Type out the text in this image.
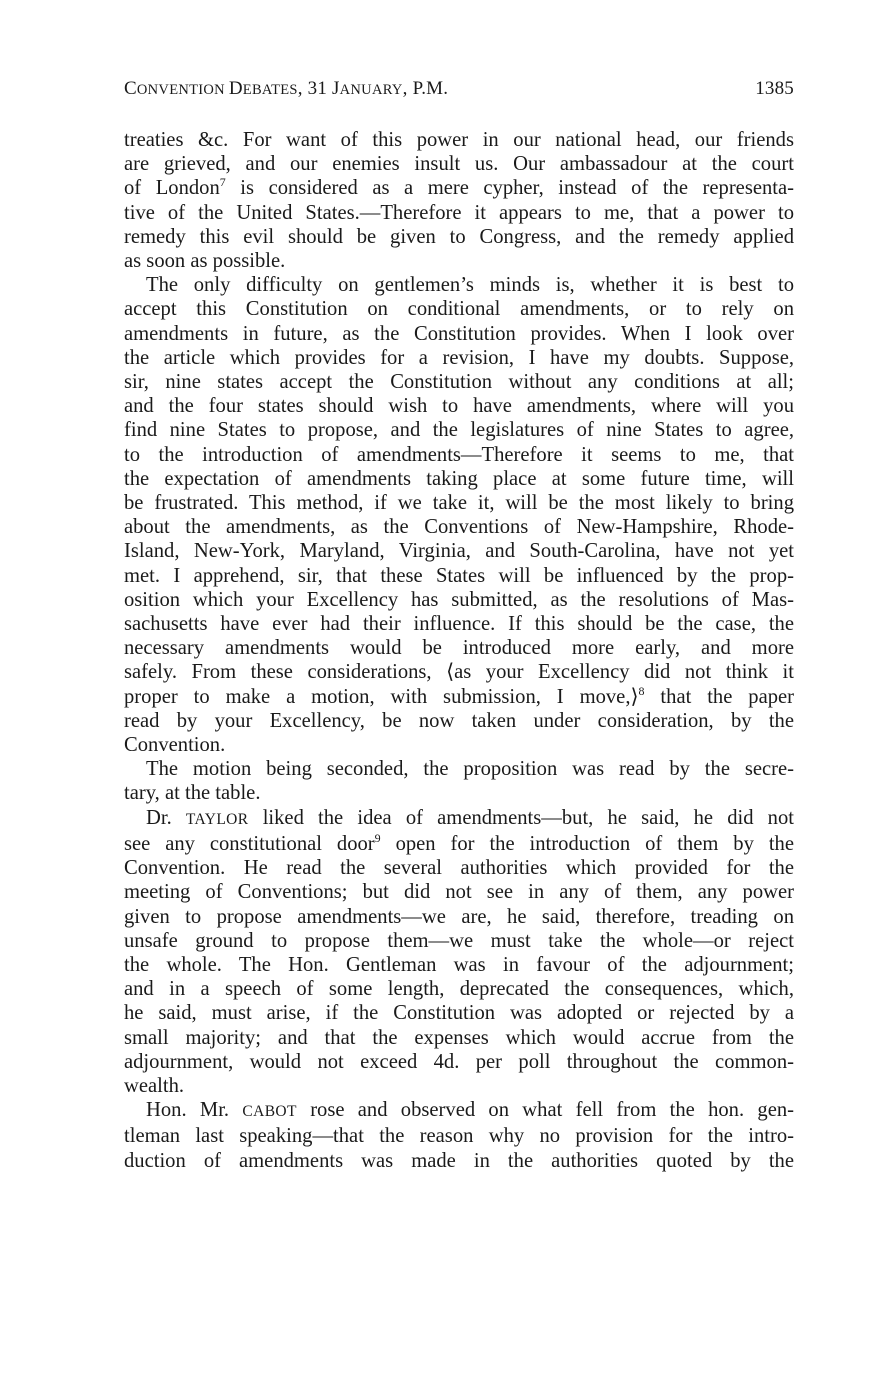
CONVENTION DEBATES, 31 JANUARY, P.M.	1385

treaties &c. For want of this power in our national head, our friends
are grieved, and our enemies insult us. Our ambassadour at the court
of London$^7$ is considered as a mere cypher, instead of the representa-
tive of the United States.—Therefore it appears to me, that a power to
remedy this evil should be given to Congress, and the remedy applied
as soon as possible.

The only difficulty on gentlemen’s minds is, whether it is best to
accept this Constitution on conditional amendments, or to rely on
amendments in future, as the Constitution provides. When I look over
the article which provides for a revision, I have my doubts. Suppose,
sir, nine states accept the Constitution without any conditions at all;
and the four states should wish to have amendments, where will you
find nine States to propose, and the legislatures of nine States to agree,
to the introduction of amendments—Therefore it seems to me, that
the expectation of amendments taking place at some future time, will
be frustrated. This method, if we take it, will be the most likely to bring
about the amendments, as the Conventions of New-Hampshire, Rhode-
Island, New-York, Maryland, Virginia, and South-Carolina, have not yet
met. I apprehend, sir, that these States will be influenced by the prop-
osition which your Excellency has submitted, as the resolutions of Mas-
sachusetts have ever had their influence. If this should be the case, the
necessary amendments would be introduced more early, and more
safely. From these considerations, ⟨as your Excellency did not think it
proper to make a motion, with submission, I move,⟩$^8$ that the paper
read by your Excellency, be now taken under consideration, by the
Convention.

The motion being seconded, the proposition was read by the secre-
tary, at the table.

Dr. TAYLOR liked the idea of amendments—but, he said, he did not
see any constitutional door$^9$ open for the introduction of them by the
Convention. He read the several authorities which provided for the
meeting of Conventions; but did not see in any of them, any power
given to propose amendments—we are, he said, therefore, treading on
unsafe ground to propose them—we must take the whole—or reject
the whole. The Hon. Gentleman was in favour of the adjournment;
and in a speech of some length, deprecated the consequences, which,
he said, must arise, if the Constitution was adopted or rejected by a
small majority; and that the expenses which would accrue from the
adjournment, would not exceed 4d. per poll throughout the common-
wealth.

Hon. Mr. CABOT rose and observed on what fell from the hon. gen-
tleman last speaking—that the reason why no provision for the intro-
duction of amendments was made in the authorities quoted by the
